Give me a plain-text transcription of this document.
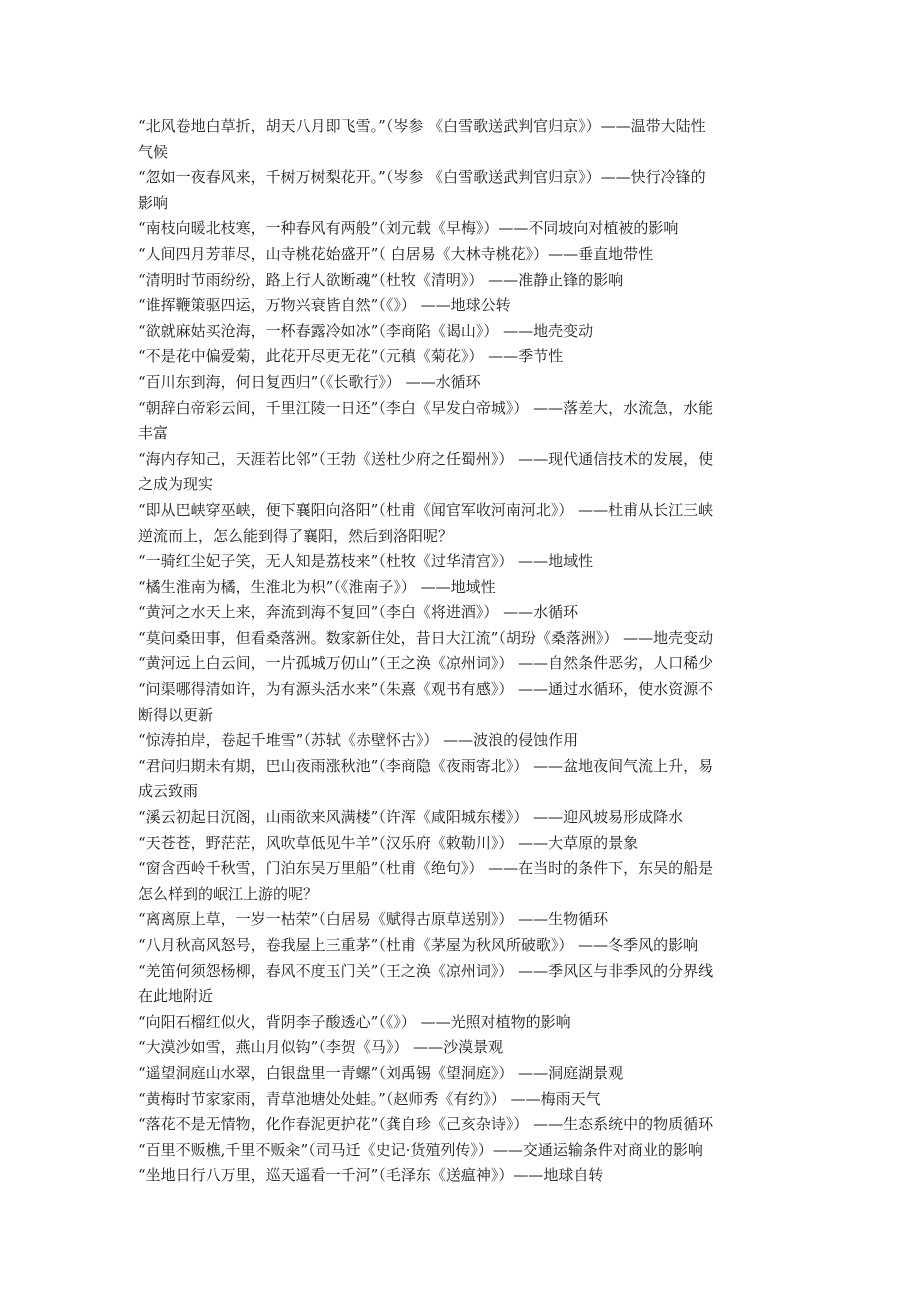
“北风卷地白草折，胡天八月即飞雪。”（岑参 《白雪歌送武判官归京》）——温带大陆性
气候
“忽如一夜春风来，千树万树梨花开。”（岑参 《白雪歌送武判官归京》）——快行冷锋的
影响
“南枝向暖北枝寒，一种春风有两般”（刘元载《早梅》）——不同坡向对植被的影响
“人间四月芳菲尽，山寺桃花始盛开”（ 白居易《大林寺桃花》）——垂直地带性
“清明时节雨纷纷，路上行人欲断魂”（杜牧《清明》） ——准静止锋的影响
“谁挥鞭策驱四运，万物兴衰皆自然”（《》） ——地球公转
“欲就麻姑买沧海，一杯春露冷如冰”（李商陷《谒山》） ——地壳变动
“不是花中偏爱菊，此花开尽更无花”（元稹《菊花》） ——季节性
“百川东到海，何日复西归”（《长歌行》） ——水循环
“朝辞白帝彩云间，千里江陵一日还”（李白《早发白帝城》） ——落差大，水流急，水能
丰富
“海内存知己，天涯若比邻”（王勃《送杜少府之任蜀州》） ——现代通信技术的发展，使
之成为现实
“即从巴峡穿巫峡，便下襄阳向洛阳”（杜甫《闻官军收河南河北》） ——杜甫从长江三峡
逆流而上，怎么能到得了襄阳，然后到洛阳呢？
“一骑红尘妃子笑，无人知是荔枝来”（杜牧《过华清宫》） ——地域性
“橘生淮南为橘，生淮北为枳”（《淮南子》） ——地域性
“黄河之水天上来，奔流到海不复回”（李白《将进酒》） ——水循环
“莫问桑田事，但看桑落洲。数家新住处，昔日大江流”（胡玢《桑落洲》） ——地壳变动
“黄河远上白云间，一片孤城万仞山”（王之涣《凉州词》） ——自然条件恶劣，人口稀少
“问渠哪得清如许，为有源头活水来”（朱熹《观书有感》） ——通过水循环，使水资源不
断得以更新
“惊涛拍岸，卷起千堆雪”（苏轼《赤壁怀古》） ——波浪的侵蚀作用
“君问归期未有期，巴山夜雨涨秋池”（李商隐《夜雨寄北》） ——盆地夜间气流上升，易
成云致雨
“溪云初起日沉阁，山雨欲来风满楼”（许浑《咸阳城东楼》） ——迎风坡易形成降水
“天苍苍，野茫茫，风吹草低见牛羊”（汉乐府《敕勒川》） ——大草原的景象
“窗含西岭千秋雪，门泊东吴万里船”（杜甫《绝句》） ——在当时的条件下，东吴的船是
怎么样到的岷江上游的呢？
“离离原上草，一岁一枯荣”（白居易《赋得古原草送别》） ——生物循环
“八月秋高风怒号，卷我屋上三重茅”（杜甫《茅屋为秋风所破歌》） ——冬季风的影响
“羌笛何须怨杨柳，春风不度玉门关”（王之涣《凉州词》） ——季风区与非季风的分界线
在此地附近
“向阳石榴红似火，背阴李子酸透心”（《》） ——光照对植物的影响
“大漠沙如雪，燕山月似钩”（李贺《马》） ——沙漠景观
“遥望洞庭山水翠，白银盘里一青螺”（刘禹锡《望洞庭》） ——洞庭湖景观
“黄梅时节家家雨，青草池塘处处蛙。”（赵师秀《有约》） ——梅雨天气
“落花不是无情物，化作春泥更护花”（龚自珍《己亥杂诗》） ——生态系统中的物质循环
“百里不贩樵,千里不贩籴”（司马迁《史记·货殖列传》）——交通运输条件对商业的影响
“坐地日行八万里，巡天遥看一千河”（毛泽东《送瘟神》）——地球自转
